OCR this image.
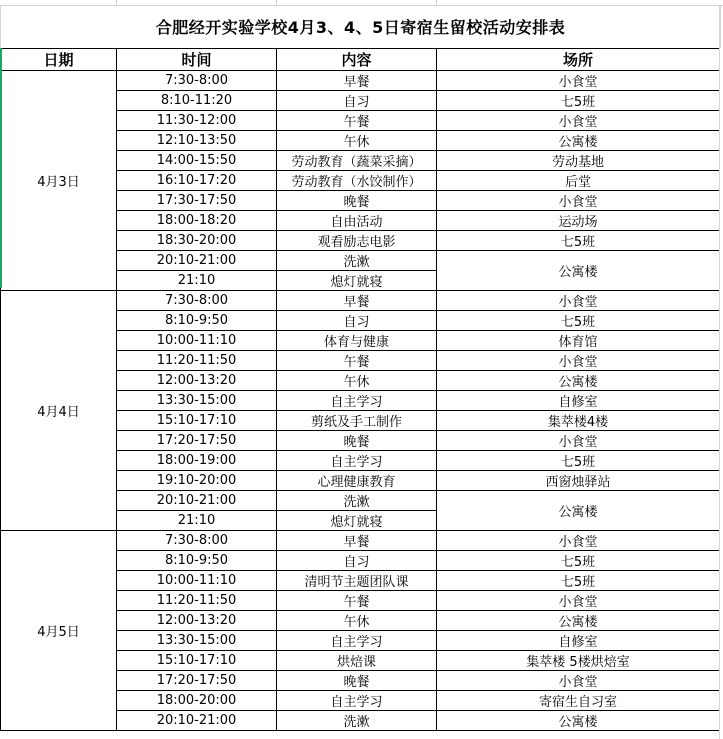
合肥经开实验学校4月3、4、5日寄宿生留校活动安排表
日期	时间	内容	场所
4月3日	7:30-8:00	早餐	小食堂
	8:10-11:20	自习	七5班
	11:30-12:00	午餐	小食堂
	12:10-13:50	午休	公寓楼
	14:00-15:50	劳动教育（蔬菜采摘）	劳动基地
	16:10-17:20	劳动教育（水饺制作）	后堂
	17:30-17:50	晚餐	小食堂
	18:00-18:20	自由活动	运动场
	18:30-20:00	观看励志电影	七5班
	20:10-21:00	洗漱	公寓楼
	21:10	熄灯就寝	
4月4日	7:30-8:00	早餐	小食堂
	8:10-9:50	自习	七5班
	10:00-11:10	体育与健康	体育馆
	11:20-11:50	午餐	小食堂
	12:00-13:20	午休	公寓楼
	13:30-15:00	自主学习	自修室
	15:10-17:10	剪纸及手工制作	集萃楼4楼
	17:20-17:50	晚餐	小食堂
	18:00-19:00	自主学习	七5班
	19:10-20:00	心理健康教育	西窗烛驿站
	20:10-21:00	洗漱	公寓楼
	21:10	熄灯就寝	
4月5日	7:30-8:00	早餐	小食堂
	8:10-9:50	自习	七5班
	10:00-11:10	清明节主题团队课	七5班
	11:20-11:50	午餐	小食堂
	12:00-13:20	午休	公寓楼
	13:30-15:00	自主学习	自修室
	15:10-17:10	烘焙课	集萃楼 5楼烘焙室
	17:20-17:50	晚餐	小食堂
	18:00-20:00	自主学习	寄宿生自习室
	20:10-21:00	洗漱	公寓楼
